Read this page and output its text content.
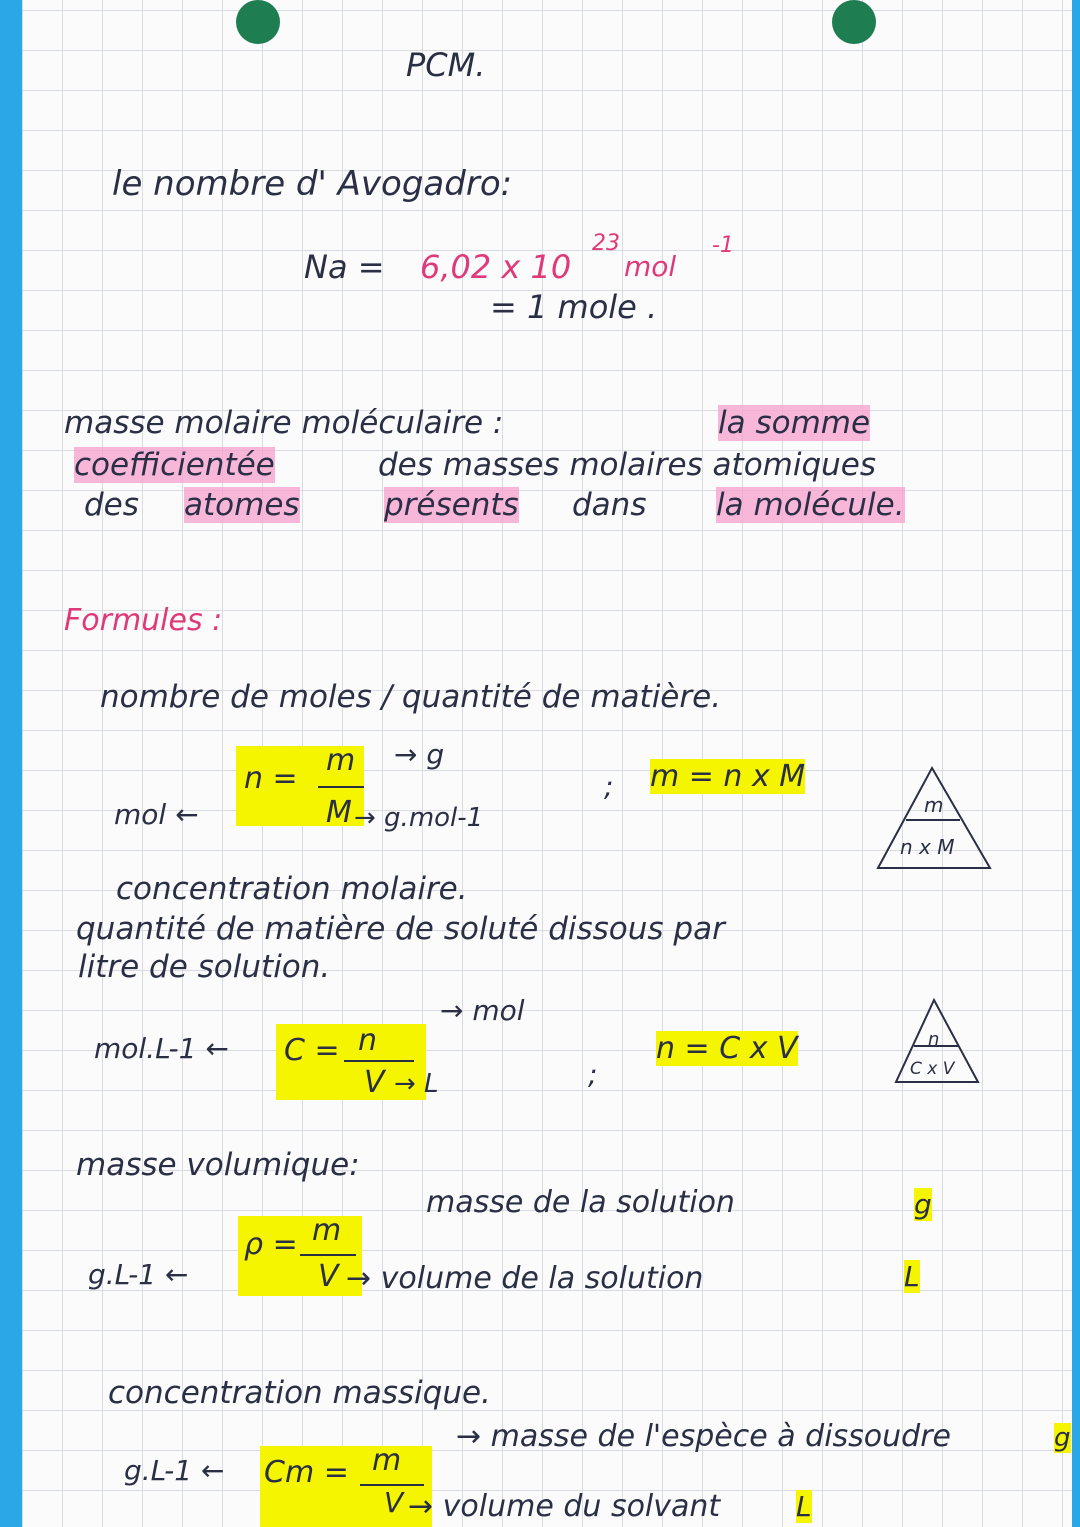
PCM.
le nombre d' Avogadro:
Na = 6,02 x 10
23
mol
-1
= 1 mole .
masse molaire moléculaire :	la somme
coefficientée	des masses molaires atomiques
des atomes	présents dans la molécule.
Formules :
nombre de moles / quantité de matière.
mol ←
n =
m
M
→ g
→ g.mol-1
; m = n x M
m
n x M
concentration molaire.
quantité de matière de soluté dissous par
litre de solution.
mol.L-1 ← C = n
V
→ mol
→ L	;
n = C x V	n
C x V
masse volumique:
masse de la solution	g
g.L-1 ←
ρ = m
V → volume de la solution	L
concentration massique.
→ masse de l'espèce à dissoudre	g
g.L-1 ← Cm = m
V → volume du solvant	L
